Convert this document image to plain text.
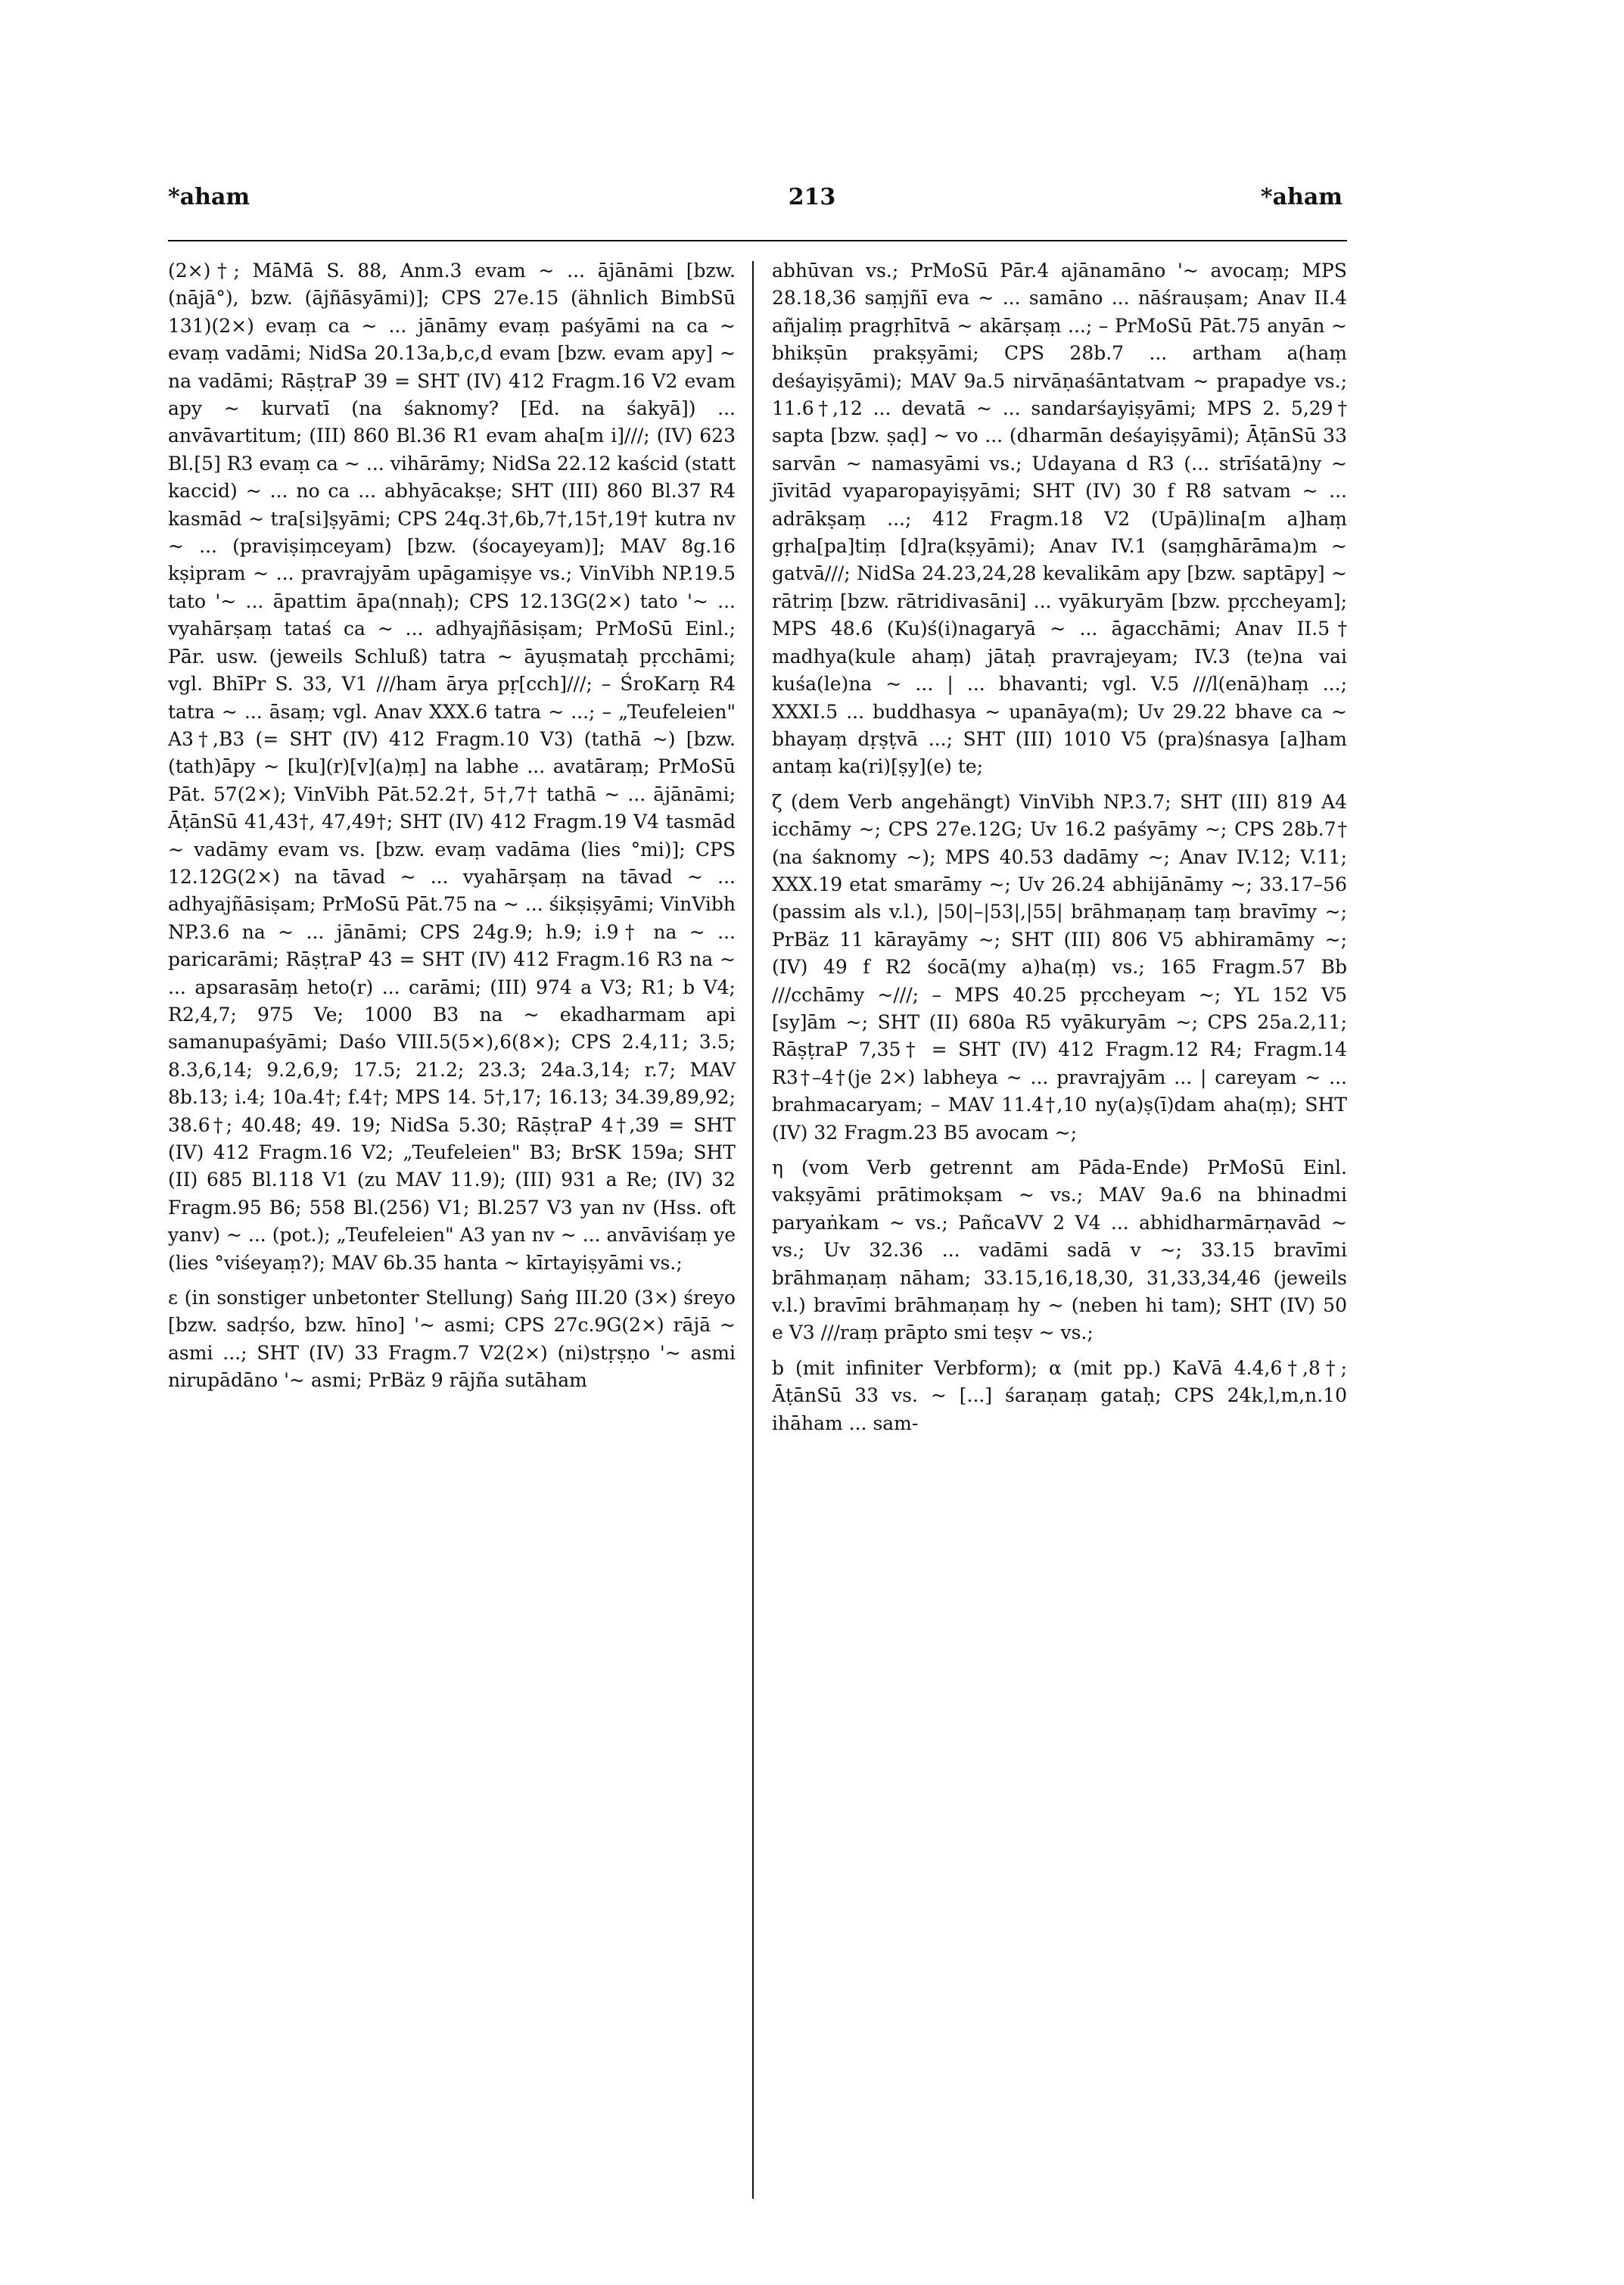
*aham	213	*aham

(2×)†; MāMā S. 88, Anm.3 evam ~ ... ājānāmi [bzw. (nājā°), bzw. (ājñāsyāmi)]; CPS 27e.15 (ähnlich BimbSū 131)(2×) evaṃ ca ~ ... jānāmy evaṃ paśyāmi na ca ~ evaṃ vadāmi; NidSa 20.13a,b,c,d evam [bzw. evam apy] ~ na vadāmi; RāṣṭraP 39 = SHT (IV) 412 Fragm.16 V2 evam apy ~ kurvatī (na śaknomy? [Ed. na śakyā]) ... anvāvartitum; (III) 860 Bl.36 R1 evam aha[m i]///; (IV) 623 Bl.[5] R3 evaṃ ca ~ ... vihārāmy; NidSa 22.12 kaścid (statt kaccid) ~ ... no ca ... abhyācakṣe; SHT (III) 860 Bl.37 R4 kasmād ~ tra[si]ṣyāmi; CPS 24q.3†,6b,7†,15†,19† kutra nv ~ ... (praviṣiṃceyam) [bzw. (śocayeyam)]; MAV 8g.16 kṣipram ~ ... pravrajyām upāgamiṣye vs.; VinVibh NP.19.5 tato '~ ... āpattim āpa(nnaḥ); CPS 12.13G(2×) tato '~ ... vyahārṣaṃ tataś ca ~ ... adhyajñāsiṣam; PrMoSū Einl.; Pār. usw. (jeweils Schluß) tatra ~ āyuṣmataḥ pṛcchāmi; vgl. BhīPr S. 33, V1 ///ham ārya pṛ[cch]///; – ŚroKarṇ R4 tatra ~ ... āsaṃ; vgl. Anav XXX.6 tatra ~ ...; – „Teufeleien" A3†,B3 (= SHT (IV) 412 Fragm.10 V3) (tathā ~) [bzw. (tath)āpy ~ [ku](r)[v](a)ṃ] na labhe ... avatāraṃ; PrMoSū Pāt. 57(2×); VinVibh Pāt.52.2†, 5†,7† tathā ~ ... ājānāmi; ĀṭānSū 41,43†, 47,49†; SHT (IV) 412 Fragm.19 V4 tasmād ~ vadāmy evam vs. [bzw. evaṃ vadāma (lies °mi)]; CPS 12.12G(2×) na tāvad ~ ... vyahārṣaṃ na tāvad ~ ... adhyajñāsiṣam; PrMoSū Pāt.75 na ~ ... śikṣiṣyāmi; VinVibh NP.3.6 na ~ ... jānāmi; CPS 24g.9; h.9; i.9† na ~ ... paricarāmi; RāṣṭraP 43 = SHT (IV) 412 Fragm.16 R3 na ~ ... apsarasāṃ heto(r) ... carāmi; (III) 974 a V3; R1; b V4; R2,4,7; 975 Ve; 1000 B3 na ~ ekadharmam api samanupaśyāmi; Daśo VIII.5(5×),6(8×); CPS 2.4,11; 3.5; 8.3,6,14; 9.2,6,9; 17.5; 21.2; 23.3; 24a.3,14; r.7; MAV 8b.13; i.4; 10a.4†; f.4†; MPS 14. 5†,17; 16.13; 34.39,89,92; 38.6†; 40.48; 49. 19; NidSa 5.30; RāṣṭraP 4†,39 = SHT (IV) 412 Fragm.16 V2; „Teufeleien" B3; BrSK 159a; SHT (II) 685 Bl.118 V1 (zu MAV 11.9); (III) 931 a Re; (IV) 32 Fragm.95 B6; 558 Bl.(256) V1; Bl.257 V3 yan nv (Hss. oft yanv) ~ ... (pot.); „Teufeleien" A3 yan nv ~ ... anvāviśaṃ ye (lies °viśeyaṃ?); MAV 6b.35 hanta ~ kīrtayiṣyāmi vs.;

ε (in sonstiger unbetonter Stellung) Saṅg III.20 (3×) śreyo [bzw. sadṛśo, bzw. hīno] '~ asmi; CPS 27c.9G(2×) rājā ~ asmi ...; SHT (IV) 33 Fragm.7 V2(2×) (ni)stṛṣṇo '~ asmi nirupādāno '~ asmi; PrBäz 9 rājña sutāham

abhūvan vs.; PrMoSū Pār.4 ajānamāno '~ avocaṃ; MPS 28.18,36 saṃjñī eva ~ ... samāno ... nāśrauṣam; Anav II.4 añjaliṃ pragṛhītvā ~ akārṣaṃ ...; – PrMoSū Pāt.75 anyān ~ bhikṣūn prakṣyāmi; CPS 28b.7 ... artham a(haṃ deśayiṣyāmi); MAV 9a.5 nirvāṇaśāntatvam ~ prapadye vs.; 11.6†,12 ... devatā ~ ... sandarśayiṣyāmi; MPS 2. 5,29† sapta [bzw. ṣaḍ] ~ vo ... (dharmān deśayiṣyāmi); ĀṭānSū 33 sarvān ~ namasyāmi vs.; Udayana d R3 (... strīśatā)ny ~ jīvitād vyaparopayiṣyāmi; SHT (IV) 30 f R8 satvam ~ ... adrākṣaṃ ...; 412 Fragm.18 V2 (Upā)lina[m a]haṃ gṛha[pa]tiṃ [d]ra(kṣyāmi); Anav IV.1 (saṃghārāma)m ~ gatvā///; NidSa 24.23,24,28 kevalikām apy [bzw. saptāpy] ~ rātriṃ [bzw. rātridivasāni] ... vyākuryām [bzw. pṛccheyam]; MPS 48.6 (Ku)ś(i)nagaryā ~ ... āgacchāmi; Anav II.5† madhya(kule ahaṃ) jātaḥ pravrajeyam; IV.3 (te)na vai kuśa(le)na ~ ... | ... bhavanti; vgl. V.5 ///l(enā)haṃ ...; XXXI.5 ... buddhasya ~ upanāya(m); Uv 29.22 bhave ca ~ bhayaṃ dṛṣṭvā ...; SHT (III) 1010 V5 (pra)śnasya [a]ham antaṃ ka(ri)[ṣy](e) te;

ζ (dem Verb angehängt) VinVibh NP.3.7; SHT (III) 819 A4 icchāmy ~; CPS 27e.12G; Uv 16.2 paśyāmy ~; CPS 28b.7† (na śaknomy ~); MPS 40.53 dadāmy ~; Anav IV.12; V.11; XXX.19 etat smarāmy ~; Uv 26.24 abhijānāmy ~; 33.17–56 (passim als v.l.), |50|–|53|,|55| brāhmaṇaṃ taṃ bravīmy ~; PrBäz 11 kārayāmy ~; SHT (III) 806 V5 abhiramāmy ~; (IV) 49 f R2 śocā(my a)ha(ṃ) vs.; 165 Fragm.57 Bb ///cchāmy ~///; – MPS 40.25 pṛccheyam ~; YL 152 V5 [sy]ām ~; SHT (II) 680a R5 vyākuryām ~; CPS 25a.2,11; RāṣṭraP 7,35† = SHT (IV) 412 Fragm.12 R4; Fragm.14 R3†–4†(je 2×) labheya ~ ... pravrajyām ... | careyam ~ ... brahmacaryam; – MAV 11.4†,10 ny(a)ṣ(ī)dam aha(ṃ); SHT (IV) 32 Fragm.23 B5 avocam ~;

η (vom Verb getrennt am Pāda-Ende) PrMoSū Einl. vakṣyāmi prātimokṣam ~ vs.; MAV 9a.6 na bhinadmi paryaṅkam ~ vs.; PañcaVV 2 V4 ... abhidharmārṇavād ~ vs.; Uv 32.36 ... vadāmi sadā v ~; 33.15 bravīmi brāhmaṇaṃ nāham; 33.15,16,18,30, 31,33,34,46 (jeweils v.l.) bravīmi brāhmaṇaṃ hy ~ (neben hi tam); SHT (IV) 50 e V3 ///raṃ prāpto smi teṣv ~ vs.;

b (mit infiniter Verbform); α (mit pp.) KaVā 4.4,6†,8†; ĀṭānSū 33 vs. ~ [...] śaraṇaṃ gataḥ; CPS 24k,l,m,n.10 ihāham ... sam-
